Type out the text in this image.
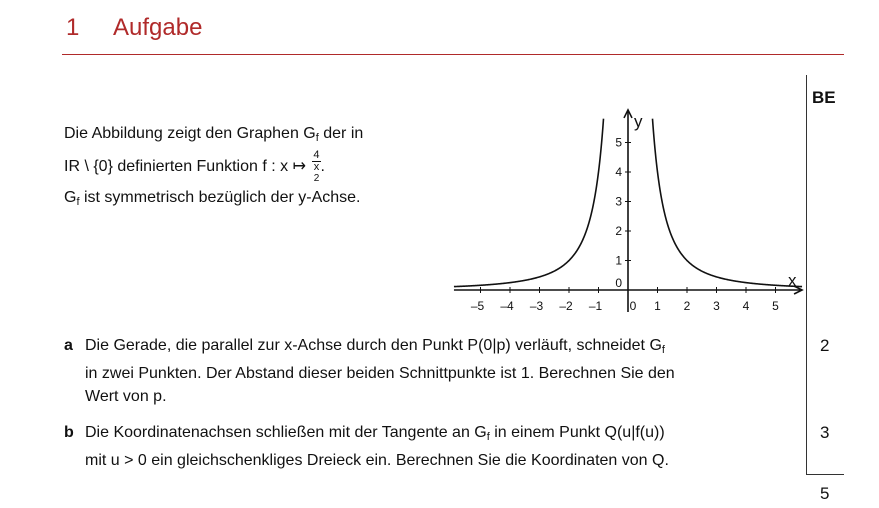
1 Aufgabe
BE
Die Abbildung zeigt den Graphen $G_f$ der in
IR \ {0} definierten Funktion f : x ↦ 4
x
2 .
$G_f$ ist symmetrisch bezüglich der y-Achse.
–5 –4 –3 –2 –1 0 1 2 3 4 5
0
1
2
3
4
5
x
y
a Die Gerade, die parallel zur x-Achse durch den Punkt P(0|p) verläuft, schneidet $G_f$
in zwei Punkten. Der Abstand dieser beiden Schnittpunkte ist 1. Berechnen Sie den
Wert von p.
2
b Die Koordinatenachsen schließen mit der Tangente an $G_f$ in einem Punkt Q(u|f(u))
mit u > 0 ein gleichschenkliges Dreieck ein. Berechnen Sie die Koordinaten von Q.
3
5
